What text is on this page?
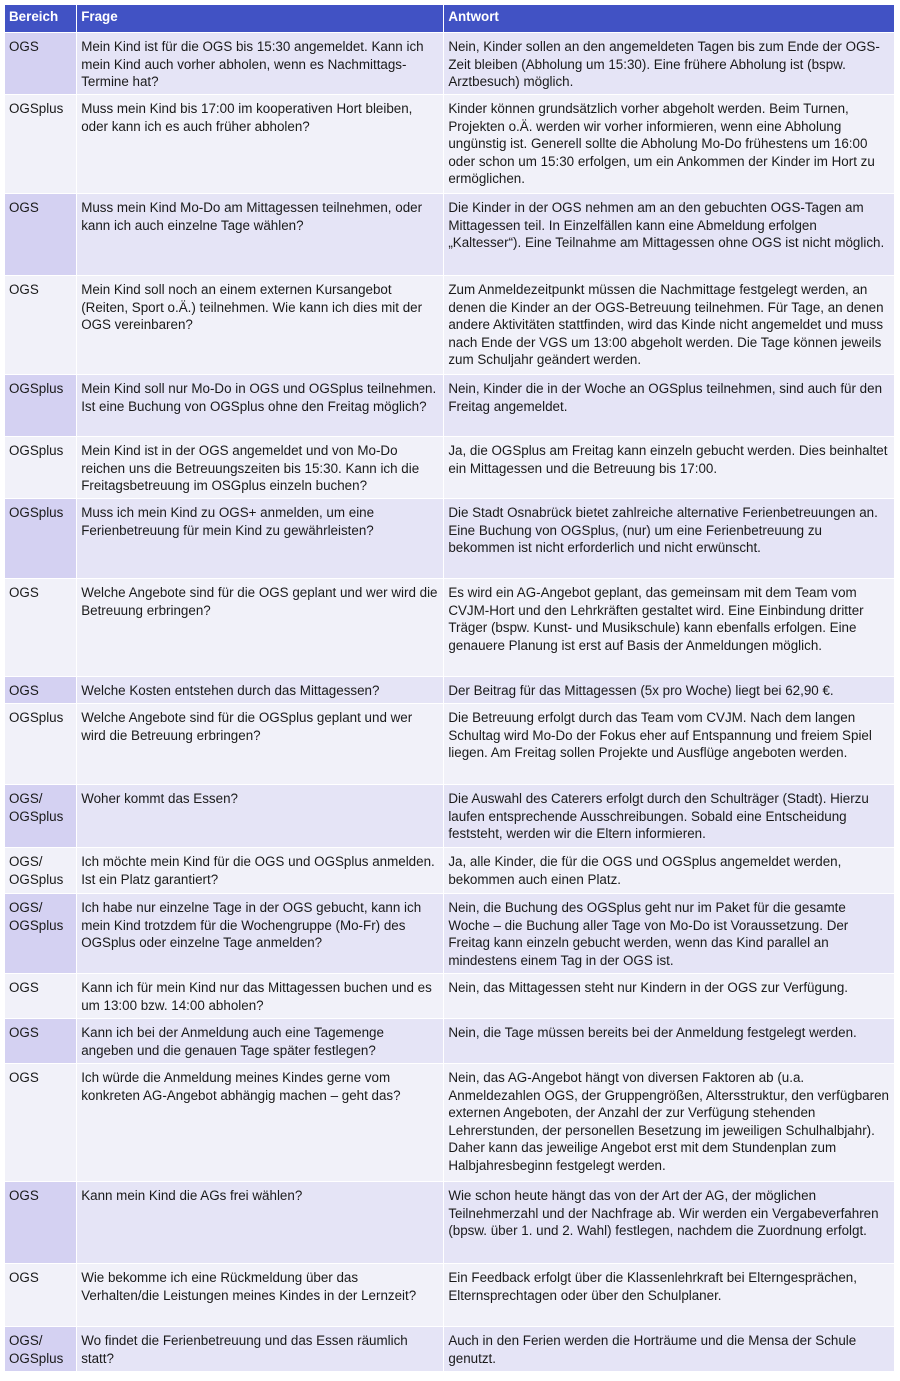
Bereich	Frage	Antwort
OGS	Mein Kind ist für die OGS bis 15:30 angemeldet. Kann ich mein Kind auch vorher abholen, wenn es Nachmittags-Termine hat?	Nein, Kinder sollen an den angemeldeten Tagen bis zum Ende der OGS-Zeit bleiben (Abholung um 15:30). Eine frühere Abholung ist (bspw. Arztbesuch) möglich.
OGSplus	Muss mein Kind bis 17:00 im kooperativen Hort bleiben, oder kann ich es auch früher abholen?	Kinder können grundsätzlich vorher abgeholt werden. Beim Turnen, Projekten o.Ä. werden wir vorher informieren, wenn eine Abholung ungünstig ist. Generell sollte die Abholung Mo-Do frühestens um 16:00 oder schon um 15:30 erfolgen, um ein Ankommen der Kinder im Hort zu ermöglichen.
OGS	Muss mein Kind Mo-Do am Mittagessen teilnehmen, oder kann ich auch einzelne Tage wählen?	Die Kinder in der OGS nehmen am an den gebuchten OGS-Tagen am Mittagessen teil. In Einzelfällen kann eine Abmeldung erfolgen „Kaltesser“). Eine Teilnahme am Mittagessen ohne OGS ist nicht möglich.
OGS	Mein Kind soll noch an einem externen Kursangebot (Reiten, Sport o.Ä.) teilnehmen. Wie kann ich dies mit der OGS vereinbaren?	Zum Anmeldezeitpunkt müssen die Nachmittage festgelegt werden, an denen die Kinder an der OGS-Betreuung teilnehmen. Für Tage, an denen andere Aktivitäten stattfinden, wird das Kinde nicht angemeldet und muss nach Ende der VGS um 13:00 abgeholt werden. Die Tage können jeweils zum Schuljahr geändert werden.
OGSplus	Mein Kind soll nur Mo-Do in OGS und OGSplus teilnehmen. Ist eine Buchung von OGSplus ohne den Freitag möglich?	Nein, Kinder die in der Woche an OGSplus teilnehmen, sind auch für den Freitag angemeldet.
OGSplus	Mein Kind ist in der OGS angemeldet und von Mo-Do reichen uns die Betreuungszeiten bis 15:30. Kann ich die Freitagsbetreuung im OSGplus einzeln buchen?	Ja, die OGSplus am Freitag kann einzeln gebucht werden. Dies beinhaltet ein Mittagessen und die Betreuung bis 17:00.
OGSplus	Muss ich mein Kind zu OGS+ anmelden, um eine Ferienbetreuung für mein Kind zu gewährleisten?	Die Stadt Osnabrück bietet zahlreiche alternative Ferienbetreuungen an. Eine Buchung von OGSplus, (nur) um eine Ferienbetreuung zu bekommen ist nicht erforderlich und nicht erwünscht.
OGS	Welche Angebote sind für die OGS geplant und wer wird die Betreuung erbringen?	Es wird ein AG-Angebot geplant, das gemeinsam mit dem Team vom CVJM-Hort und den Lehrkräften gestaltet wird. Eine Einbindung dritter Träger (bspw. Kunst- und Musikschule) kann ebenfalls erfolgen. Eine genauere Planung ist erst auf Basis der Anmeldungen möglich.
OGS	Welche Kosten entstehen durch das Mittagessen?	Der Beitrag für das Mittagessen (5x pro Woche) liegt bei 62,90 €.
OGSplus	Welche Angebote sind für die OGSplus geplant und wer wird die Betreuung erbringen?	Die Betreuung erfolgt durch das Team vom CVJM. Nach dem langen Schultag wird Mo-Do der Fokus eher auf Entspannung und freiem Spiel liegen. Am Freitag sollen Projekte und Ausflüge angeboten werden.
OGS/ OGSplus	Woher kommt das Essen?	Die Auswahl des Caterers erfolgt durch den Schulträger (Stadt). Hierzu laufen entsprechende Ausschreibungen. Sobald eine Entscheidung feststeht, werden wir die Eltern informieren.
OGS/ OGSplus	Ich möchte mein Kind für die OGS und OGSplus anmelden. Ist ein Platz garantiert?	Ja, alle Kinder, die für die OGS und OGSplus angemeldet werden, bekommen auch einen Platz.
OGS/ OGSplus	Ich habe nur einzelne Tage in der OGS gebucht, kann ich mein Kind trotzdem für die Wochengruppe (Mo-Fr) des OGSplus oder einzelne Tage anmelden?	Nein, die Buchung des OGSplus geht nur im Paket für die gesamte Woche – die Buchung aller Tage von Mo-Do ist Voraussetzung. Der Freitag kann einzeln gebucht werden, wenn das Kind parallel an mindestens einem Tag in der OGS ist.
OGS	Kann ich für mein Kind nur das Mittagessen buchen und es um 13:00 bzw. 14:00 abholen?	Nein, das Mittagessen steht nur Kindern in der OGS zur Verfügung.
OGS	Kann ich bei der Anmeldung auch eine Tagemenge angeben und die genauen Tage später festlegen?	Nein, die Tage müssen bereits bei der Anmeldung festgelegt werden.
OGS	Ich würde die Anmeldung meines Kindes gerne vom konkreten AG-Angebot abhängig machen – geht das?	Nein, das AG-Angebot hängt von diversen Faktoren ab (u.a. Anmeldezahlen OGS, der Gruppengrößen, Altersstruktur, den verfügbaren externen Angeboten, der Anzahl der zur Verfügung stehenden Lehrerstunden, der personellen Besetzung im jeweiligen Schulhalbjahr). Daher kann das jeweilige Angebot erst mit dem Stundenplan zum Halbjahresbeginn festgelegt werden.
OGS	Kann mein Kind die AGs frei wählen?	Wie schon heute hängt das von der Art der AG, der möglichen Teilnehmerzahl und der Nachfrage ab. Wir werden ein Vergabeverfahren (bpsw. über 1. und 2. Wahl) festlegen, nachdem die Zuordnung erfolgt.
OGS	Wie bekomme ich eine Rückmeldung über das Verhalten/die Leistungen meines Kindes in der Lernzeit?	Ein Feedback erfolgt über die Klassenlehrkraft bei Elterngesprächen, Elternsprechtagen oder über den Schulplaner.
OGS/ OGSplus	Wo findet die Ferienbetreuung und das Essen räumlich statt?	Auch in den Ferien werden die Horträume und die Mensa der Schule genutzt.
